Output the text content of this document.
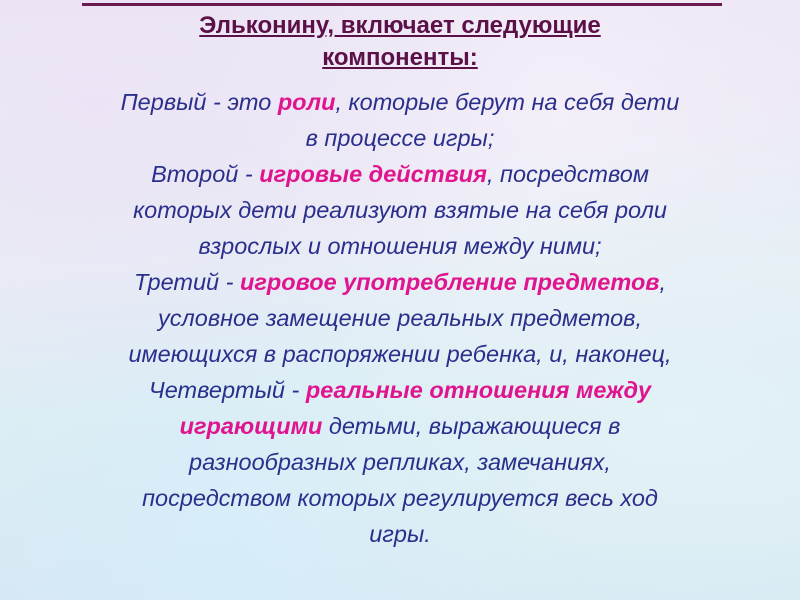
Эльконину, включает следующие
компоненты:
Первый - это роли, которые берут на себя дети
в процессе игры;
Второй - игровые действия, посредством
которых дети реализуют взятые на себя роли
взрослых и отношения между ними;
Третий - игровое употребление предметов,
условное замещение реальных предметов,
имеющихся в распоряжении ребенка, и, наконец,
Четвертый - реальные отношения между
играющими детьми, выражающиеся в
разнообразных репликах, замечаниях,
посредством которых регулируется весь ход
игры.
